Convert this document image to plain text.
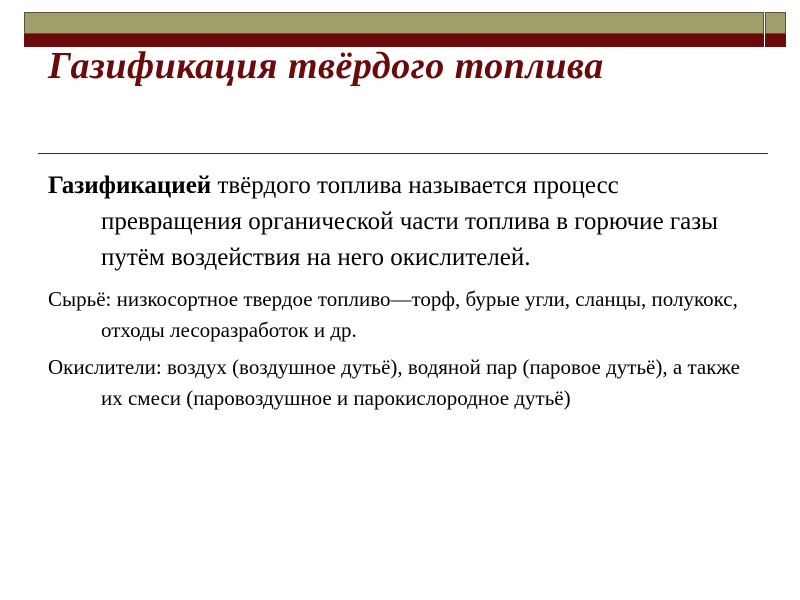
Газификация твёрдого топлива

Газификацией твёрдого топлива называется процесс превращения органической части топлива в горючие газы путём воздействия на него окислителей.

Сырьё: низкосортное твердое топливо—торф, бурые угли, сланцы, полукокс, отходы лесоразработок и др.

Окислители: воздух (воздушное дутьё), водяной пар (паровое дутьё), а также их смеси (паровоздушное и парокислородное дутьё)
